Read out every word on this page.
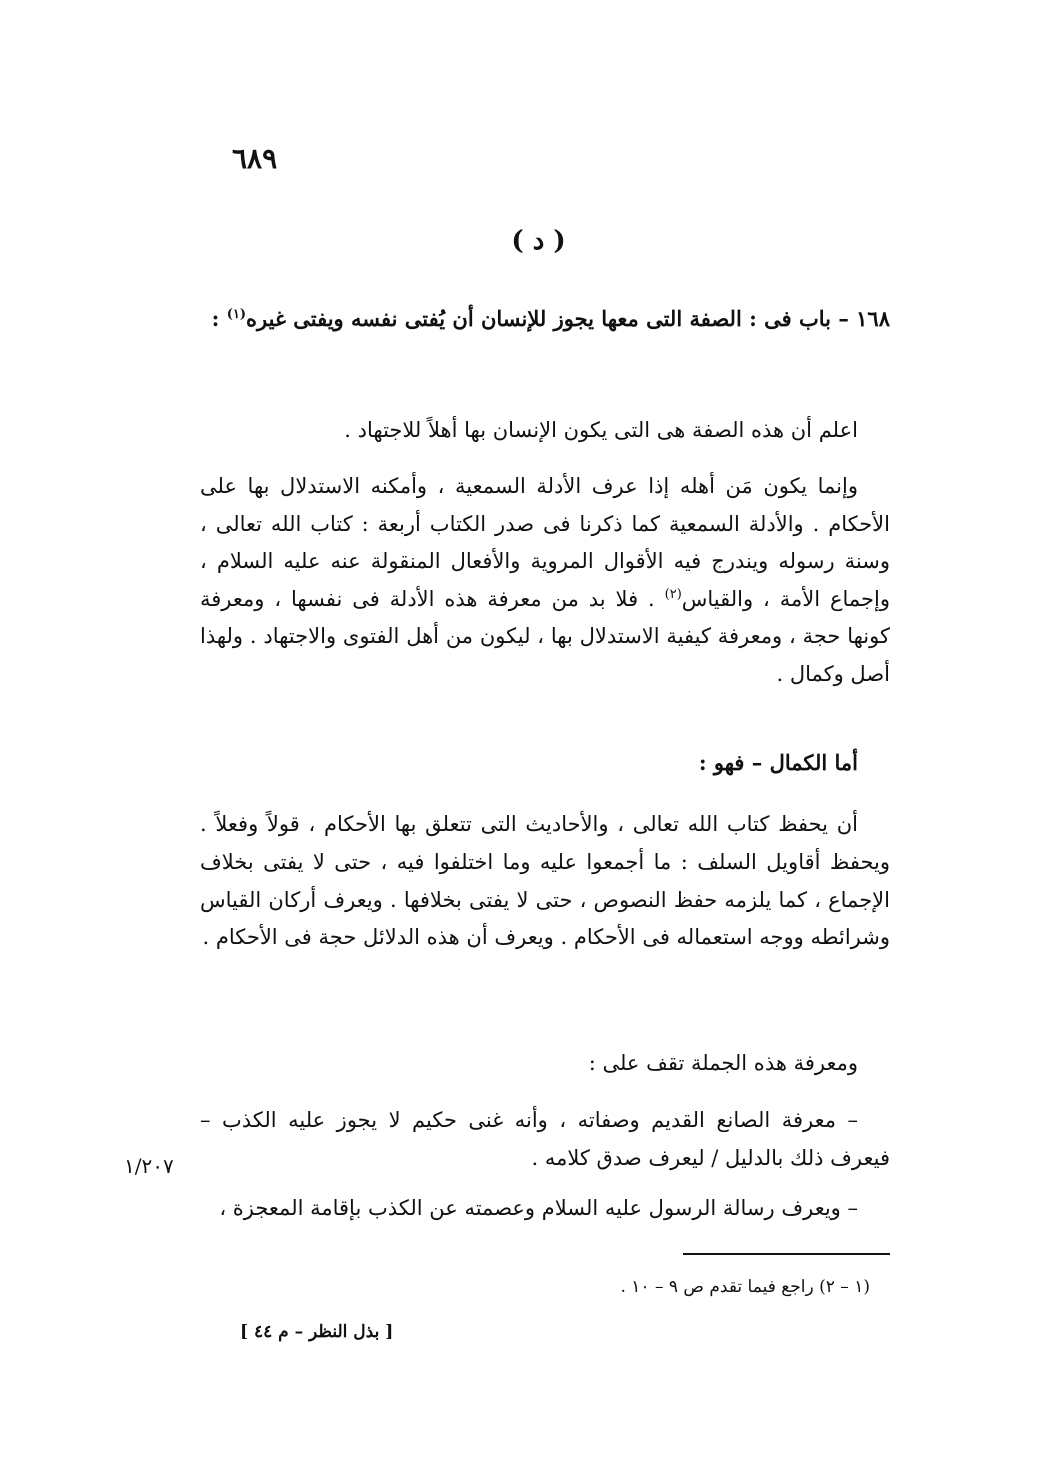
٦٨٩
( د )
١٦٨ – باب فى : الصفة التى معها يجوز للإنسان أن يُفتى نفسه ويفتى غيره$^{(١)}$ :

اعلم أن هذه الصفة هى التى يكون الإنسان بها أهلاً للاجتهاد .

وإنما يكون مَن أهله إذا عرف الأدلة السمعية ، وأمكنه الاستدلال بها على الأحكام . والأدلة السمعية كما ذكرنا فى صدر الكتاب أربعة : كتاب الله تعالى ، وسنة رسوله ويندرج فيه الأقوال المروية والأفعال المنقولة عنه عليه السلام ، وإجماع الأمة ، والقياس$^{(٢)}$ . فلا بد من معرفة هذه الأدلة فى نفسها ، ومعرفة كونها حجة ، ومعرفة كيفية الاستدلال بها ، ليكون من أهل الفتوى والاجتهاد . ولهذا أصل وكمال .

أما الكمال – فهو :

أن يحفظ كتاب الله تعالى ، والأحاديث التى تتعلق بها الأحكام ، قولاً وفعلاً . ويحفظ أقاويل السلف : ما أجمعوا عليه وما اختلفوا فيه ، حتى لا يفتى بخلاف الإجماع ، كما يلزمه حفظ النصوص ، حتى لا يفتى بخلافها . ويعرف أركان القياس وشرائطه ووجه استعماله فى الأحكام . ويعرف أن هذه الدلائل حجة فى الأحكام .

ومعرفة هذه الجملة تقف على :

– معرفة الصانع القديم وصفاته ، وأنه غنى حكيم لا يجوز عليه الكذب – فيعرف ذلك بالدليل / ليعرف صدق كلامه .

– ويعرف رسالة الرسول عليه السلام وعصمته عن الكذب بإقامة المعجزة ،

١/٢٠٧
(١ – ٢) راجع فيما تقدم ص ٩ – ١٠ .
[ بذل النظر – م ٤٤ ]
